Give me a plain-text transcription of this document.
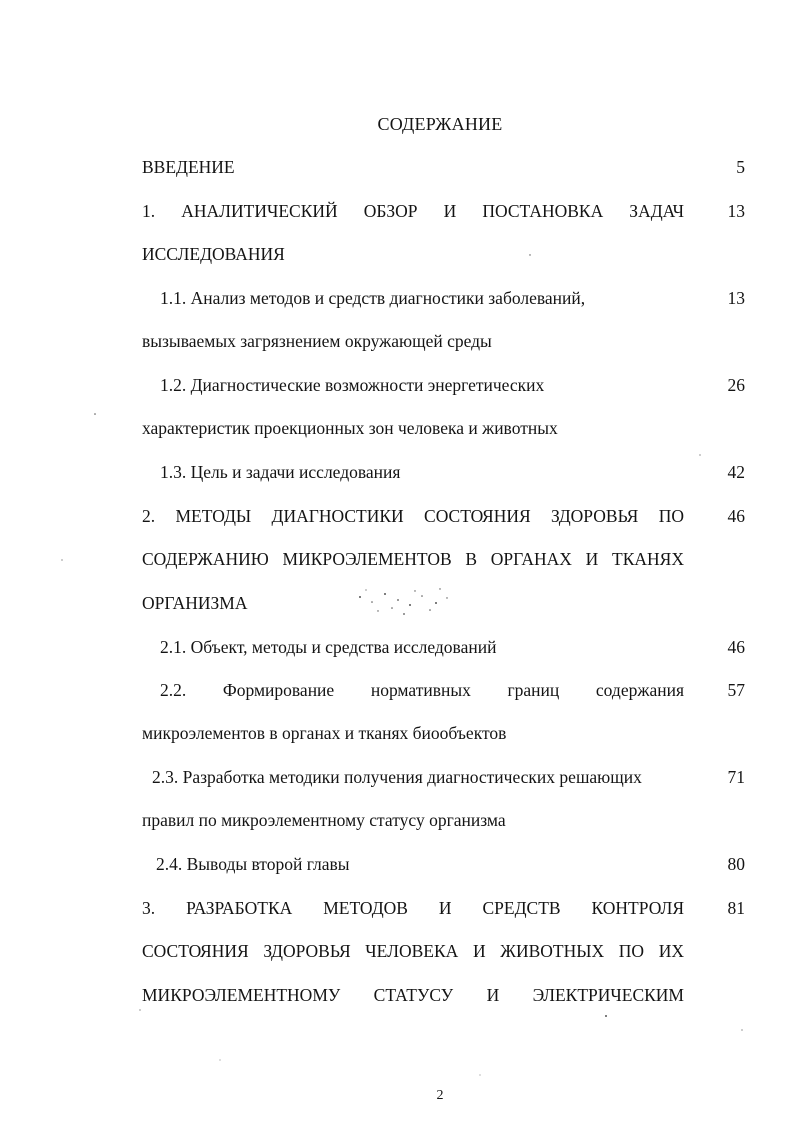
СОДЕРЖАНИЕ
ВВЕДЕНИЕ	5
1. АНАЛИТИЧЕСКИЙ ОБЗОР И ПОСТАНОВКА ЗАДАЧ	13
ИССЛЕДОВАНИЯ
1.1. Анализ методов и средств диагностики заболеваний,	13
вызываемых загрязнением окружающей среды
1.2. Диагностические возможности энергетических	26
характеристик проекционных зон человека и животных
1.3. Цель и задачи исследования	42
2. МЕТОДЫ ДИАГНОСТИКИ СОСТОЯНИЯ ЗДОРОВЬЯ ПО	46
СОДЕРЖАНИЮ МИКРОЭЛЕМЕНТОВ В ОРГАНАХ И ТКАНЯХ
ОРГАНИЗМА
2.1. Объект, методы и средства исследований	46
2.2. Формирование нормативных границ содержания	57
микроэлементов в органах и тканях биообъектов
2.3. Разработка методики получения диагностических решающих	71
правил по микроэлементному статусу организма
2.4. Выводы второй главы	80
3. РАЗРАБОТКА МЕТОДОВ И СРЕДСТВ КОНТРОЛЯ	81
СОСТОЯНИЯ ЗДОРОВЬЯ ЧЕЛОВЕКА И ЖИВОТНЫХ ПО ИХ
МИКРОЭЛЕМЕНТНОМУ СТАТУСУ И ЭЛЕКТРИЧЕСКИМ
2
